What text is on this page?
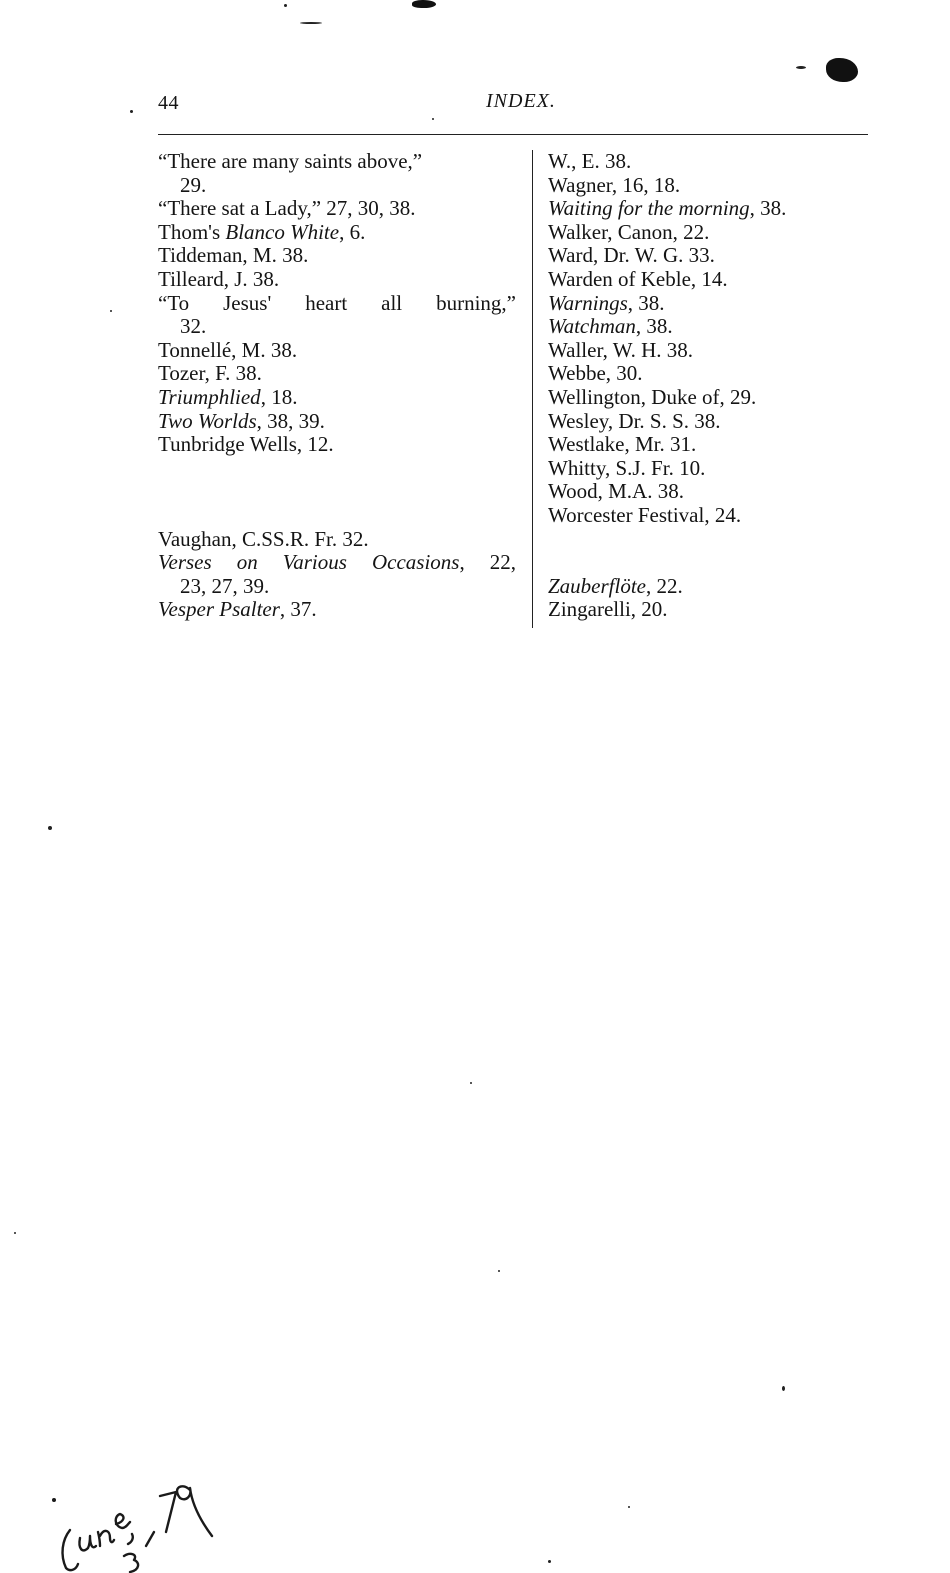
44	INDEX.
“There are many saints above,”
29.
“There sat a Lady,” 27, 30, 38.
Thom's Blanco White, 6.
Tiddeman, M. 38.
Tilleard, J. 38.
“To Jesus' heart all burning,”
32.
Tonnellé, M. 38.
Tozer, F. 38.
Triumphlied, 18.
Two Worlds, 38, 39.
Tunbridge Wells, 12.
Vaughan, C.SS.R. Fr. 32.
Verses on Various Occasions, 22,
23, 27, 39.
Vesper Psalter, 37.
W., E. 38.
Wagner, 16, 18.
Waiting for the morning, 38.
Walker, Canon, 22.
Ward, Dr. W. G. 33.
Warden of Keble, 14.
Warnings, 38.
Watchman, 38.
Waller, W. H. 38.
Webbe, 30.
Wellington, Duke of, 29.
Wesley, Dr. S. S. 38.
Westlake, Mr. 31.
Whitty, S.J. Fr. 10.
Wood, M.A. 38.
Worcester Festival, 24.
Zauberflöte, 22.
Zingarelli, 20.
